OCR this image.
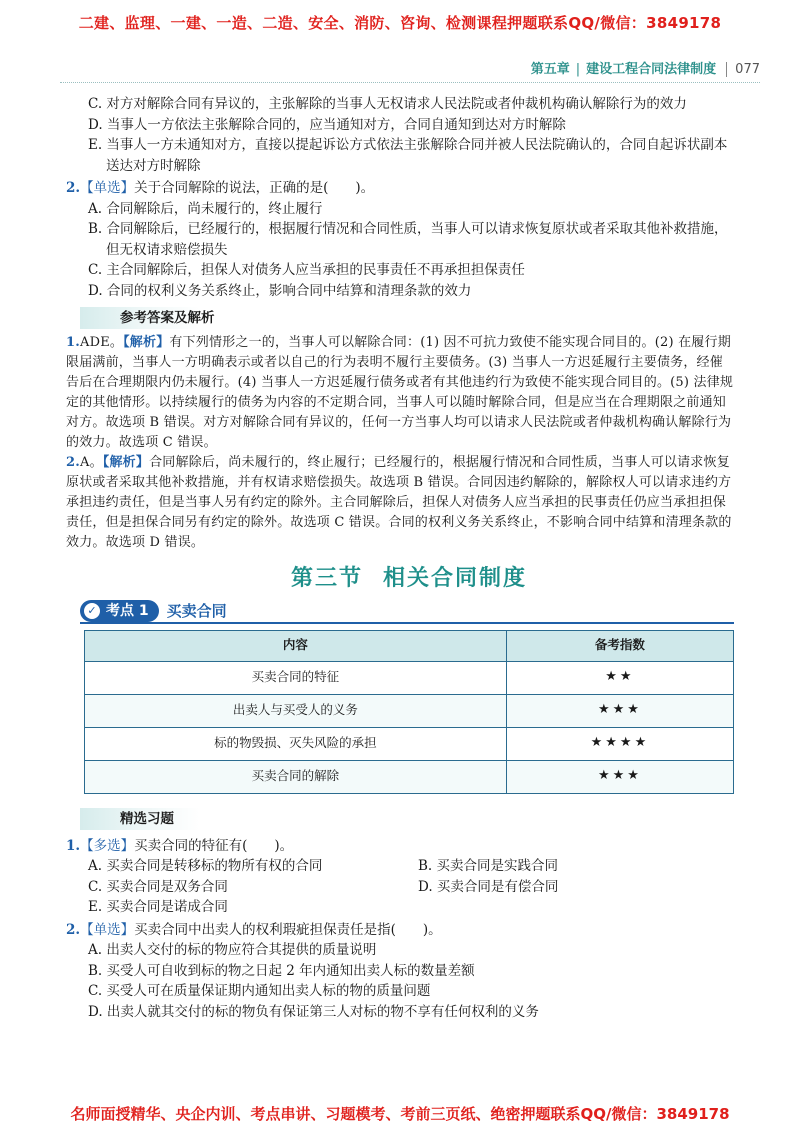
二建、监理、一建、一造、二造、安全、消防、咨询、检测课程押题联系QQ/微信：3849178
第五章 | 建设工程合同法律制度 077

C. 对方对解除合同有异议的，主张解除的当事人无权请求人民法院或者仲裁机构确认解除行为的效力

D. 当事人一方依法主张解除合同的，应当通知对方，合同自通知到达对方时解除

E. 当事人一方未通知对方，直接以提起诉讼方式依法主张解除合同并被人民法院确认的，合同自起诉状副本送达对方时解除

2.【单选】关于合同解除的说法，正确的是(　　)。

A. 合同解除后，尚未履行的，终止履行

B. 合同解除后，已经履行的，根据履行情况和合同性质，当事人可以请求恢复原状或者采取其他补救措施，但无权请求赔偿损失

C. 主合同解除后，担保人对债务人应当承担的民事责任不再承担担保责任

D. 合同的权利义务关系终止，影响合同中结算和清理条款的效力

参考答案及解析

1.ADE。【解析】有下列情形之一的，当事人可以解除合同：(1) 因不可抗力致使不能实现合同目的。(2) 在履行期限届满前，当事人一方明确表示或者以自己的行为表明不履行主要债务。(3) 当事人一方迟延履行主要债务，经催告后在合理期限内仍未履行。(4) 当事人一方迟延履行债务或者有其他违约行为致使不能实现合同目的。(5) 法律规定的其他情形。以持续履行的债务为内容的不定期合同，当事人可以随时解除合同，但是应当在合理期限之前通知对方。故选项 B 错误。对方对解除合同有异议的，任何一方当事人均可以请求人民法院或者仲裁机构确认解除行为的效力。故选项 C 错误。

2.A。【解析】合同解除后，尚未履行的，终止履行；已经履行的，根据履行情况和合同性质，当事人可以请求恢复原状或者采取其他补救措施，并有权请求赔偿损失。故选项 B 错误。合同因违约解除的，解除权人可以请求违约方承担违约责任，但是当事人另有约定的除外。主合同解除后，担保人对债务人应当承担的民事责任仍应当承担担保责任，但是担保合同另有约定的除外。故选项 C 错误。合同的权利义务关系终止，不影响合同中结算和清理条款的效力。故选项 D 错误。

第三节 相关合同制度
✓ 考点 1 买卖合同
内容	备考指数
买卖合同的特征	★★
出卖人与买受人的义务	★★★
标的物毁损、灭失风险的承担	★★★★
买卖合同的解除	★★★
精选习题

1.【多选】买卖合同的特征有(　　)。

A. 买卖合同是转移标的物所有权的合同	B. 买卖合同是实践合同

C. 买卖合同是双务合同	D. 买卖合同是有偿合同

E. 买卖合同是诺成合同

2.【单选】买卖合同中出卖人的权利瑕疵担保责任是指(　　)。

A. 出卖人交付的标的物应符合其提供的质量说明

B. 买受人可自收到标的物之日起 2 年内通知出卖人标的数量差额

C. 买受人可在质量保证期内通知出卖人标的物的质量问题

D. 出卖人就其交付的标的物负有保证第三人对标的物不享有任何权利的义务

名师面授精华、央企内训、考点串讲、习题模考、考前三页纸、绝密押题联系QQ/微信：3849178
